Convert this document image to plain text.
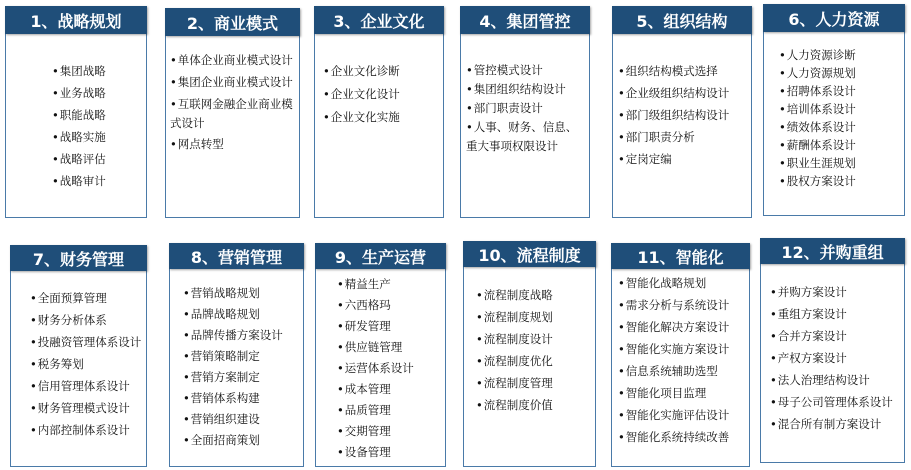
1、战略规划
•集团战略
•业务战略
•职能战略
•战略实施
•战略评估
•战略审计
2、商业模式
•单体企业商业模式设计
•集团企业商业模式设计
•互联网金融企业商业模式设计
•网点转型
3、企业文化
•企业文化诊断
•企业文化设计
•企业文化实施
4、集团管控
•管控模式设计
•集团组织结构设计
•部门职责设计
•人事、财务、信息、重大事项权限设计
5、组织结构
•组织结构模式选择
•企业级组织结构设计
•部门级组织结构设计
•部门职责分析
•定岗定编
6、人力资源
•人力资源诊断
•人力资源规划
•招聘体系设计
•培训体系设计
•绩效体系设计
•薪酬体系设计
•职业生涯规划
•股权方案设计
7、财务管理
•全面预算管理
•财务分析体系
•投融资管理体系设计
•税务筹划
•信用管理体系设计
•财务管理模式设计
•内部控制体系设计
8、营销管理
•营销战略规划
•品牌战略规划
•品牌传播方案设计
•营销策略制定
•营销方案制定
•营销体系构建
•营销组织建设
•全面招商策划
9、生产运营
•精益生产
•六西格玛
•研发管理
•供应链管理
•运营体系设计
•成本管理
•品质管理
•交期管理
•设备管理
10、流程制度
•流程制度战略
•流程制度规划
•流程制度设计
•流程制度优化
•流程制度管理
•流程制度价值
11、智能化
•智能化战略规划
•需求分析与系统设计
•智能化解决方案设计
•智能化实施方案设计
•信息系统辅助选型
•智能化项目监理
•智能化实施评估设计
•智能化系统持续改善
12、并购重组
•并购方案设计
•重组方案设计
•合并方案设计
•产权方案设计
•法人治理结构设计
•母子公司管理体系设计
•混合所有制方案设计
